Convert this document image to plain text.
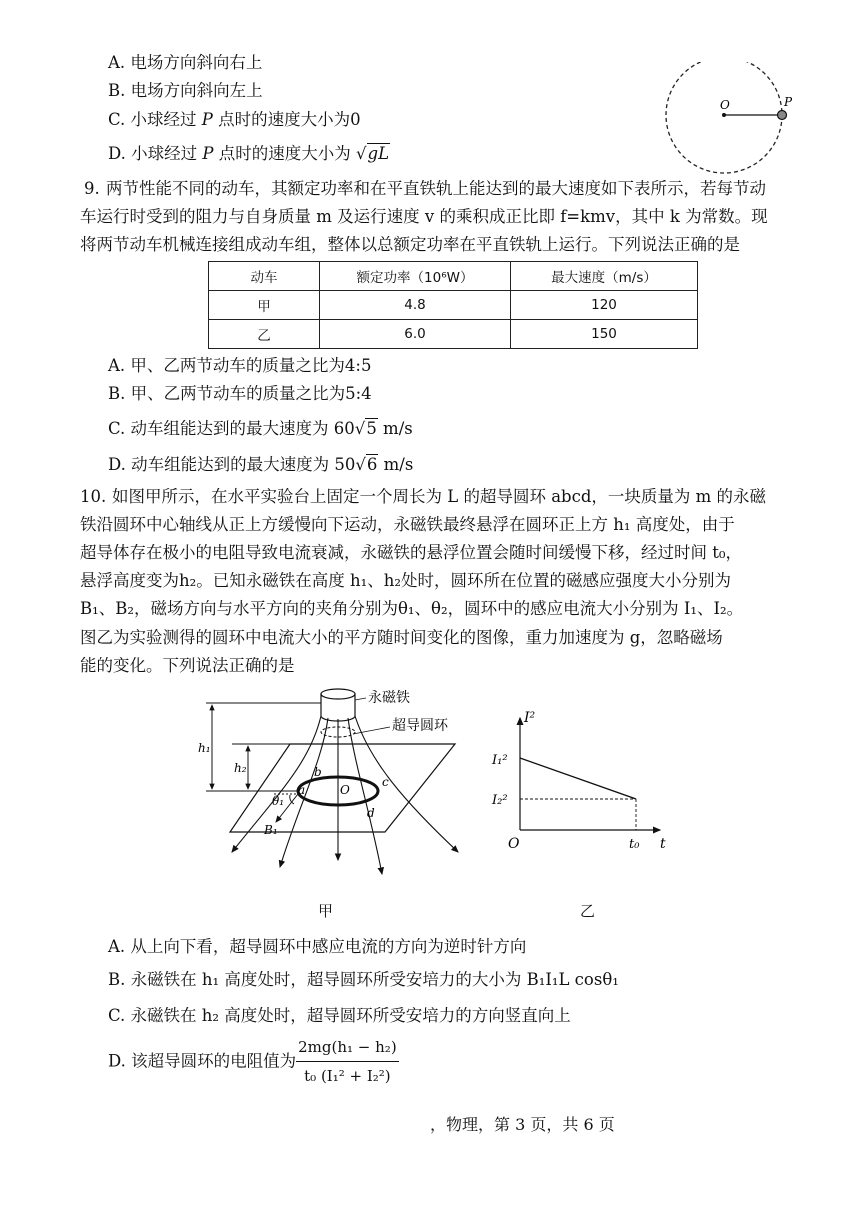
A. 电场方向斜向右上
B. 电场方向斜向左上
C. 小球经过 P 点时的速度大小为0
D. 小球经过 P 点时的速度大小为 √gL
O	P
9. 两节性能不同的动车，其额定功率和在平直铁轨上能达到的最大速度如下表所示，若每节动
车运行时受到的阻力与自身质量 m 及运行速度 v 的乘积成正比即 f=kmv，其中 k 为常数。现
将两节动车机械连接组成动车组，整体以总额定功率在平直铁轨上运行。下列说法正确的是
动车	额定功率（10⁶W）	最大速度（m/s）
甲	4.8	120
乙	6.0	150
A. 甲、乙两节动车的质量之比为4:5
B. 甲、乙两节动车的质量之比为5:4
C. 动车组能达到的最大速度为 60√5 m/s
D. 动车组能达到的最大速度为 50√6 m/s
10. 如图甲所示，在水平实验台上固定一个周长为 L 的超导圆环 abcd，一块质量为 m 的永磁
铁沿圆环中心轴线从正上方缓慢向下运动，永磁铁最终悬浮在圆环正上方 h₁ 高度处，由于
超导体存在极小的电阻导致电流衰减，永磁铁的悬浮位置会随时间缓慢下移，经过时间 t₀，
悬浮高度变为h₂。已知永磁铁在高度 h₁、h₂处时，圆环所在位置的磁感应强度大小分别为
B₁、B₂，磁场方向与水平方向的夹角分别为θ₁、θ₂，圆环中的感应电流大小分别为 I₁、I₂。
图乙为实验测得的圆环中电流大小的平方随时间变化的图像，重力加速度为 g，忽略磁场
能的变化。下列说法正确的是
永磁铁
超导圆环
h₁
h₂
a
b
c
d
O
θ₁
B₁
I²
t
O
I₁²
I₂²
t₀
甲	乙
A. 从上向下看，超导圆环中感应电流的方向为逆时针方向
B. 永磁铁在 h₁ 高度处时，超导圆环所受安培力的大小为 B₁I₁L cosθ₁
C. 永磁铁在 h₂ 高度处时，超导圆环所受安培力的方向竖直向上
D. 该超导圆环的电阻值为 $\frac{\text{2mg(h₁ − h₂)}}{\text{t₀ (I₁² + I₂²)}}$
，物理，第 3 页，共 6 页
